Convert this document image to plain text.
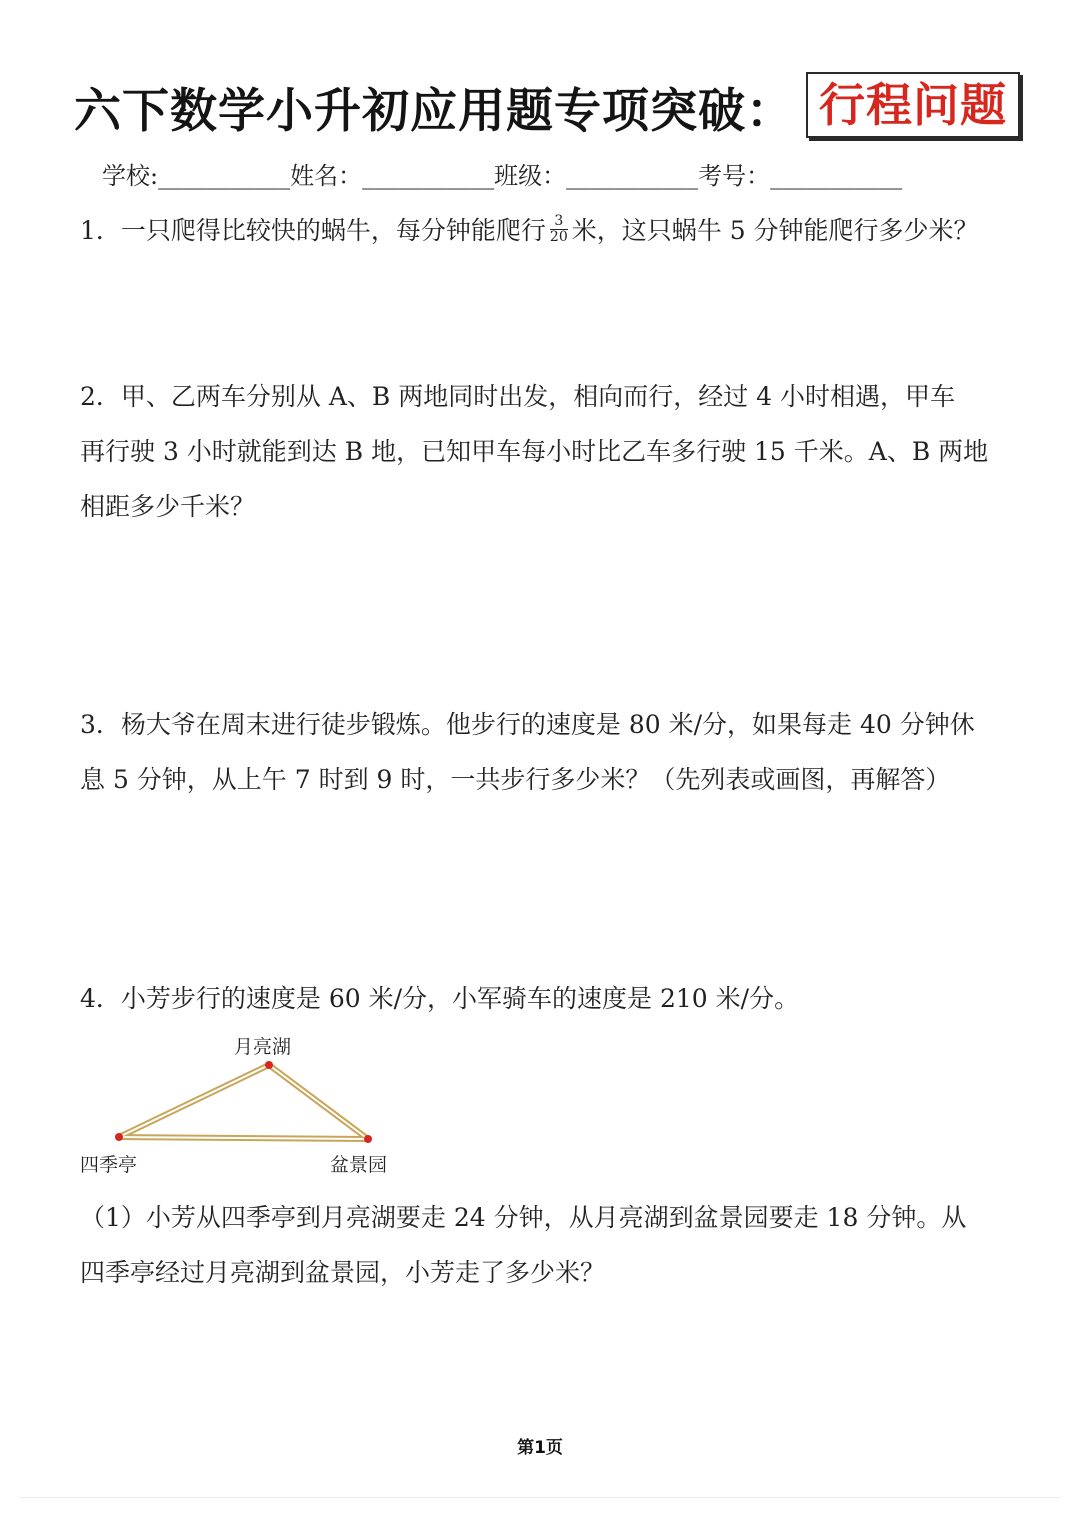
六下数学小升初应用题专项突破： 行程问题
学校:___________姓名：___________班级：___________考号：___________
1．一只爬得比较快的蜗牛，每分钟能爬行 $\frac{3}{20}$ 米，这只蜗牛 5 分钟能爬行多少米？
2．甲、乙两车分别从 A、B 两地同时出发，相向而行，经过 4 小时相遇，甲车
再行驶 3 小时就能到达 B 地，已知甲车每小时比乙车多行驶 15 千米。A、B 两地
相距多少千米？
3．杨大爷在周末进行徒步锻炼。他步行的速度是 80 米/分，如果每走 40 分钟休
息 5 分钟，从上午 7 时到 9 时，一共步行多少米？（先列表或画图，再解答）
4．小芳步行的速度是 60 米/分，小军骑车的速度是 210 米/分。
月亮湖
四季亭	盆景园
（1）小芳从四季亭到月亮湖要走 24 分钟，从月亮湖到盆景园要走 18 分钟。从
四季亭经过月亮湖到盆景园，小芳走了多少米？
第1页
